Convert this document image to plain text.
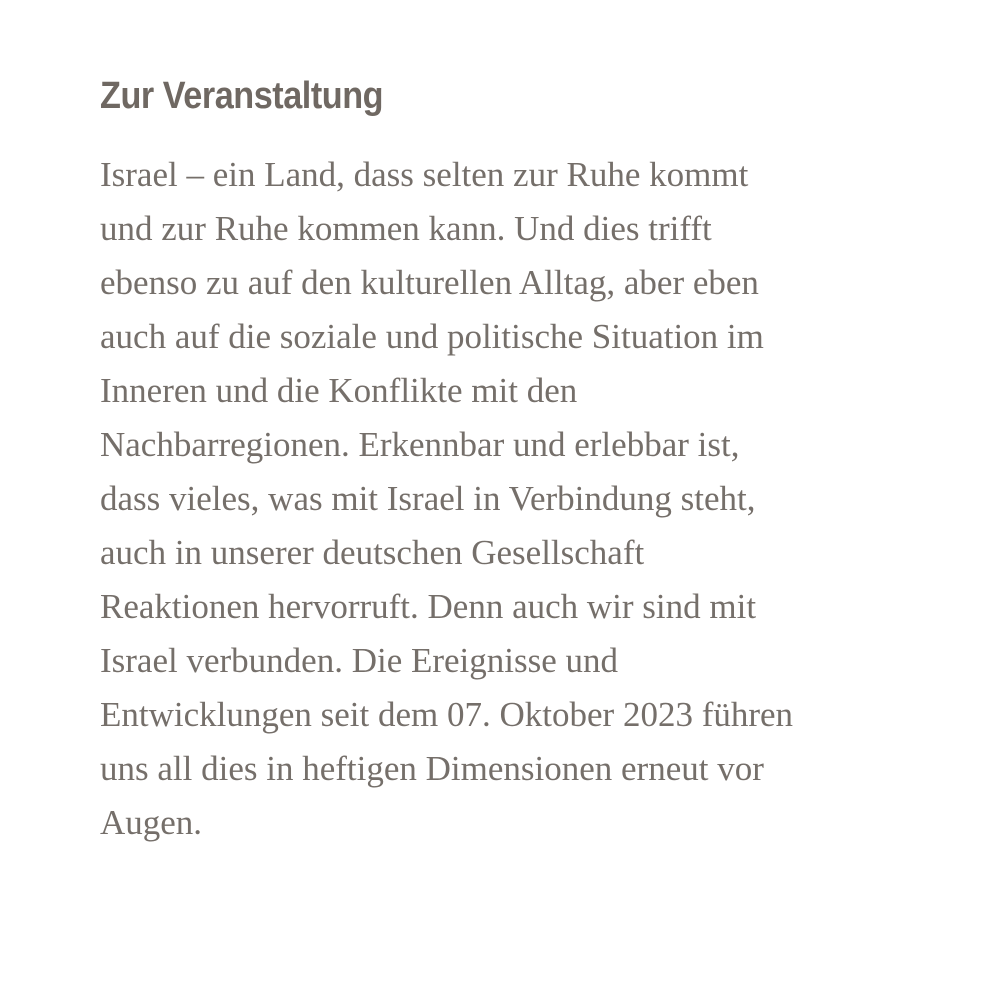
Zur Veranstaltung
Israel – ein Land, dass selten zur Ruhe kommt
und zur Ruhe kommen kann. Und dies trifft
ebenso zu auf den kulturellen Alltag, aber eben
auch auf die soziale und politische Situation im
Inneren und die Konflikte mit den
Nachbarregionen. Erkennbar und erlebbar ist,
dass vieles, was mit Israel in Verbindung steht,
auch in unserer deutschen Gesellschaft
Reaktionen hervorruft. Denn auch wir sind mit
Israel verbunden. Die Ereignisse und
Entwicklungen seit dem 07. Oktober 2023 führen
uns all dies in heftigen Dimensionen erneut vor
Augen.
